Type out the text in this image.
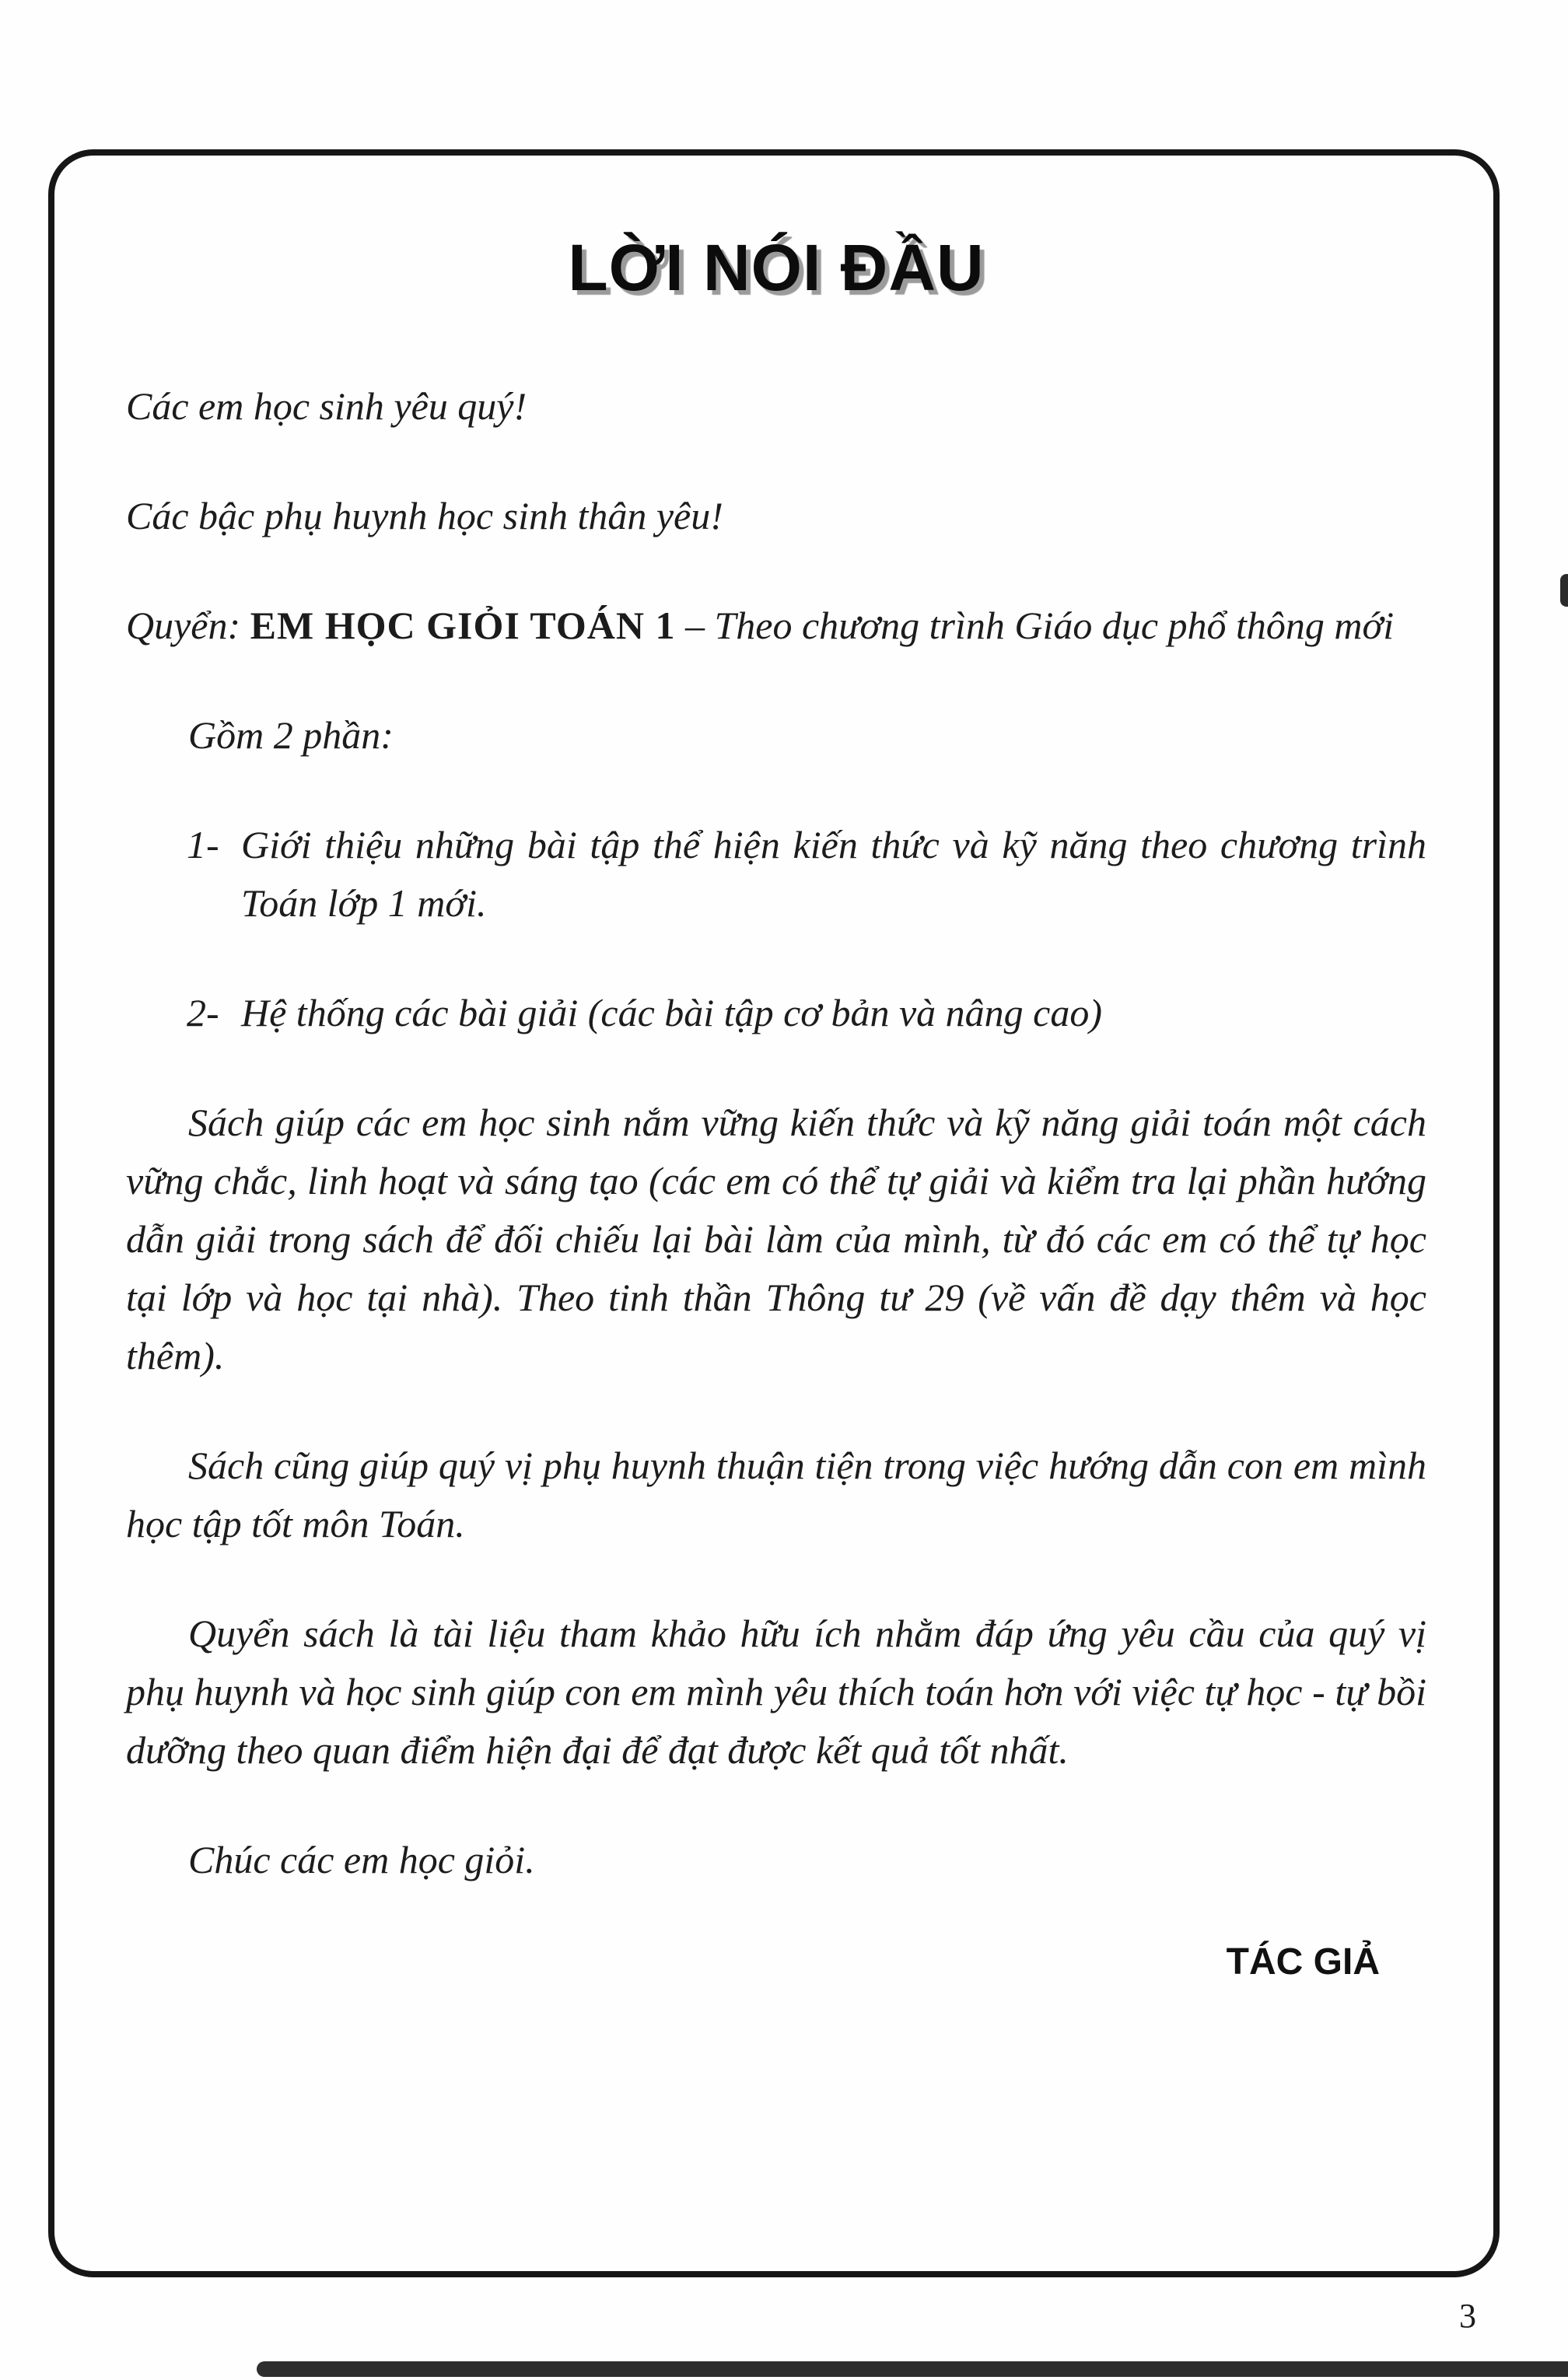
LỜI NÓI ĐẦU

Các em học sinh yêu quý!

Các bậc phụ huynh học sinh thân yêu!

Quyển: EM HỌC GIỎI TOÁN 1 – Theo chương trình Giáo dục phổ thông mới

Gồm 2 phần:

1- Giới thiệu những bài tập thể hiện kiến thức và kỹ năng theo chương trình Toán lớp 1 mới.
2- Hệ thống các bài giải (các bài tập cơ bản và nâng cao)

Sách giúp các em học sinh nắm vững kiến thức và kỹ năng giải toán một cách vững chắc, linh hoạt và sáng tạo (các em có thể tự giải và kiểm tra lại phần hướng dẫn giải trong sách để đối chiếu lại bài làm của mình, từ đó các em có thể tự học tại lớp và học tại nhà). Theo tinh thần Thông tư 29 (về vấn đề dạy thêm và học thêm).

Sách cũng giúp quý vị phụ huynh thuận tiện trong việc hướng dẫn con em mình học tập tốt môn Toán.

Quyển sách là tài liệu tham khảo hữu ích nhằm đáp ứng yêu cầu của quý vị phụ huynh và học sinh giúp con em mình yêu thích toán hơn với việc tự học - tự bồi dưỡng theo quan điểm hiện đại để đạt được kết quả tốt nhất.

Chúc các em học giỏi.

TÁC GIẢ
3
